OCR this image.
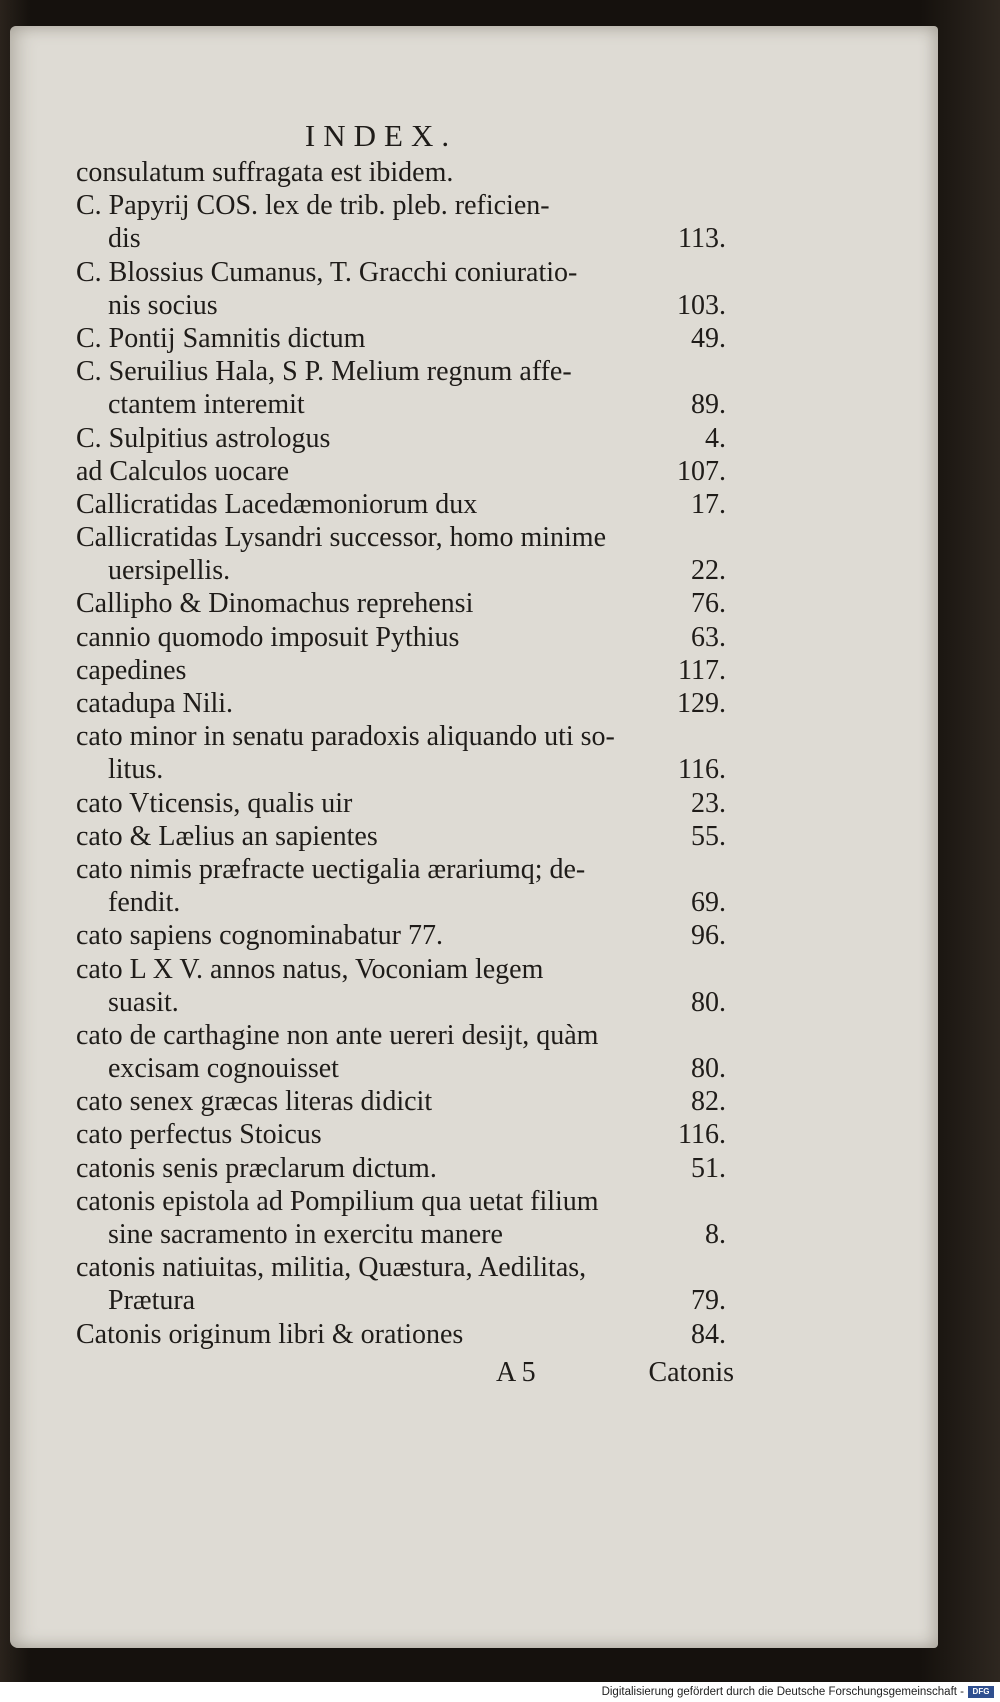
INDEX.
consulatum suffragata est ibidem.
C. Papyrij COS. lex de trib. pleb. reficien-
dis	113.
C. Blossius Cumanus, T. Gracchi coniuratio-
nis socius	103.
C. Pontij Samnitis dictum	49.
C. Seruilius Hala, S P. Melium regnum affe-
ctantem interemit	89.
C. Sulpitius astrologus	4.
ad Calculos uocare	107.
Callicratidas Lacedæmoniorum dux	17.
Callicratidas Lysandri successor, homo minime
uersipellis.	22.
Callipho & Dinomachus reprehensi	76.
cannio quomodo imposuit Pythius	63.
capedines	117.
catadupa Nili.	129.
cato minor in senatu paradoxis aliquando uti so-
litus.	116.
cato Vticensis, qualis uir	23.
cato & Lælius an sapientes	55.
cato nimis præfracte uectigalia ærariumq; de-
fendit.	69.
cato sapiens cognominabatur 77.	96.
cato L X V. annos natus, Voconiam legem
suasit.	80.
cato de carthagine non ante uereri desijt, quàm
excisam cognouisset	80.
cato senex græcas literas didicit	82.
cato perfectus Stoicus	116.
catonis senis præclarum dictum.	51.
catonis epistola ad Pompilium qua uetat filium
sine sacramento in exercitu manere	8.
catonis natiuitas, militia, Quæstura, Aedilitas,
Prætura	79.
Catonis originum libri & orationes	84.
A 5	Catonis
Digitalisierung gefördert durch die Deutsche Forschungsgemeinschaft -	DFG
